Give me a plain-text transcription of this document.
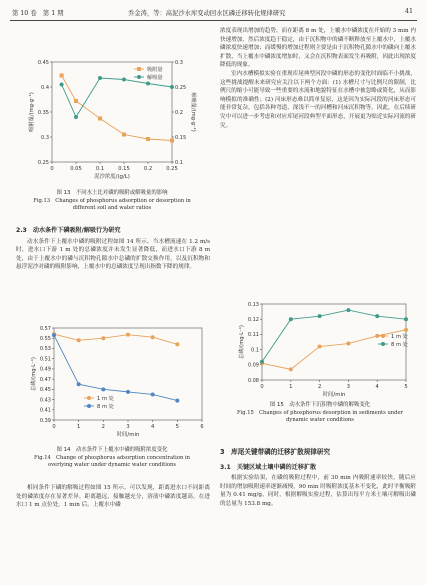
第 10 卷　第 1 期	乔金涛，等：高泥沙水库变动回水区磷迁移转化规律研究	41
0	0.05	0.1	0.15	0.2	0.25
泥沙浓度/(g/L)
0.25
0.3
0.35
0.4
0.45
吸附量/(mg·g⁻¹)
0.1
0.15
0.2
0.25
0.3
解吸量/(mg·g⁻¹)
吸附量
解吸量
图 13　不同水土比对磷的吸附或解吸量的影响
Fig.13　Changes of phosphorus adsorption or desorption in
different soil and water ratios

2.3　动水条件下磷吸附/解吸行为研究

动水条件下上覆水中磷的吸附过程如图 14 所示。当水槽流速在 1.2 m/s 时，进水口下游 1 m 处的总磷浓度并未发生显著降低，而进水口下游 8 m 处，由于上覆水中的磷与沉积物孔隙水中总磷的扩散交换作用，以及沉积物和悬浮泥沙对磷的吸附影响，上覆水中的总磷浓度呈现出指数下降的规律。

0	1	2	3	4	5	6
时间/min
0.39
0.41
0.43
0.45
0.47
0.49
0.51
0.53
0.55
0.57
总磷/(mg·L⁻¹)
1 m 处
8 m 处
图 14　动水条件下上覆水中磷的吸附浓度变化
Fig.14　Change of phosphorus adsorption concentration in
overlying water under dynamic water conditions

相同条件下磷的解吸过程如图 15 所示。可以发现，距离进水口不同距离处的磷浓度存在显著差异。距离越远，接触越充分，溶液中磷浓度越高。在进水口 1 m 点位处，1 min 后，上覆水中磷

浓度表现出增加的趋势，而在距离 8 m 处，上覆水中磷浓度在开始的 3 min 内快速增加，然后浓度趋于稳定，由于沉积物中的磷不断释放至上覆水中，上覆水磷浓度快速增加；而缓慢的增加过程则主要是由于沉积物孔隙水中的磷向上覆水扩散，当上覆水中磷浓度增加时，又会在沉积物表面发生再吸附，因此出现浓度降低的现象。

室内水槽模拟实验在重现库尾典型河段中磷的形态的变化时面临不小挑战，这些挑战提醒未来研究应关注以下两个方面：(1) 水槽尺寸与比例尺的限制，比例尺的缩小可能导致一些重要的水流和地貌特征在水槽中被忽略或简化，从而影响模拟的准确性；(2) 河床形态难以简单复原，这是因为实际河段的河床形态可能非常复杂，包括各种弯道、深浅不一的河槽和河床沉积物等，因此，在后续研究中可以进一步考虑和对应库尾河段典型平面形态，开展更为贴近实际河流的研究。

0	1	2	3	4	5
时间/min
0.08
0.09
0.1
0.11
0.12
0.13
总磷/(mg·L⁻¹)	1 m 处
8 m 处
图 15　动水条件下沉积物中磷的解吸变化
Fig.15　Changes of phosphorus desorption in sediments under
dynamic water conditions

3　库尾关键带磷的迁移扩散规律研究

3.1　关键区域土壤中磷的迁移扩散

根据实验结果，在磷的吸附过程中，前 30 min 内吸附速率较快，随后应时间的增加吸附速率逐渐减慢，90 min 时吸附浓度基本不变化，此时平衡吸附量为 0.41 mg/g。同时，根据解吸实验过程，估算出每平方米土壤可解吸出磷的总量为 153.8 mg。
